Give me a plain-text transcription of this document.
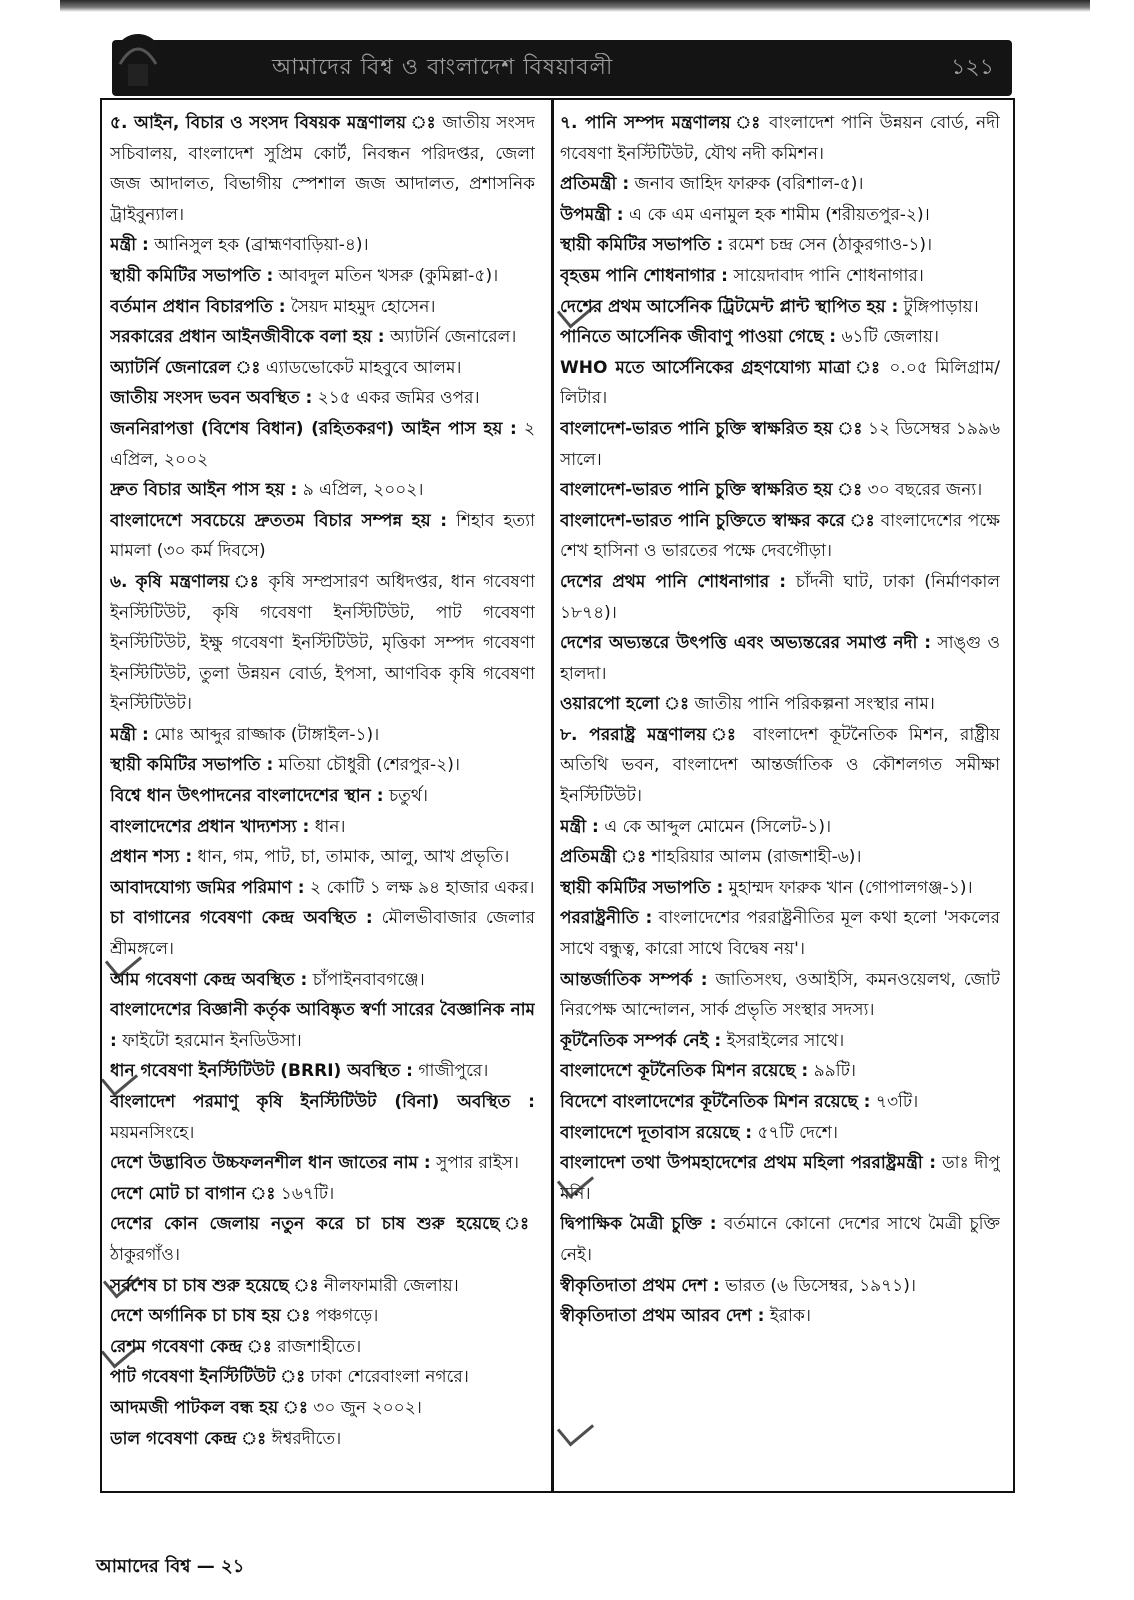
আমাদের বিশ্ব ও বাংলাদেশ বিষয়াবলী	১২১

৫. আইন, বিচার ও সংসদ বিষয়ক মন্ত্রণালয় ঃ জাতীয় সংসদ সচিবালয়, বাংলাদেশ সুপ্রিম কোর্ট, নিবন্ধন পরিদপ্তর, জেলা জজ আদালত, বিভাগীয় স্পেশাল জজ আদালত, প্রশাসনিক ট্রাইবুন্যাল।

মন্ত্রী : আনিসুল হক (ব্রাহ্মণবাড়িয়া-৪)।

স্থায়ী কমিটির সভাপতি : আবদুল মতিন খসরু (কুমিল্লা-৫)।

বর্তমান প্রধান বিচারপতি : সৈয়দ মাহমুদ হোসেন।

সরকারের প্রধান আইনজীবীকে বলা হয় : অ্যাটর্নি জেনারেল।

অ্যাটর্নি জেনারেল ঃ এ্যাডভোকেট মাহবুবে আলম।

জাতীয় সংসদ ভবন অবস্থিত : ২১৫ একর জমির ওপর।

জননিরাপত্তা (বিশেষ বিধান) (রহিতকরণ) আইন পাস হয় : ২ এপ্রিল, ২০০২

দ্রুত বিচার আইন পাস হয় : ৯ এপ্রিল, ২০০২।

বাংলাদেশে সবচেয়ে দ্রুততম বিচার সম্পন্ন হয় : শিহাব হত্যা মামলা (৩০ কর্ম দিবসে)

৬. কৃষি মন্ত্রণালয় ঃ কৃষি সম্প্রসারণ অধিদপ্তর, ধান গবেষণা ইনস্টিটিউট, কৃষি গবেষণা ইনস্টিটিউট, পাট গবেষণা ইনস্টিটিউট, ইক্ষু গবেষণা ইনস্টিটিউট, মৃত্তিকা সম্পদ গবেষণা ইনস্টিটিউট, তুলা উন্নয়ন বোর্ড, ইপসা, আণবিক কৃষি গবেষণা ইনস্টিটিউট।

মন্ত্রী : মোঃ আব্দুর রাজ্জাক (টাঙ্গাইল-১)।

স্থায়ী কমিটির সভাপতি : মতিয়া চৌধুরী (শেরপুর-২)।

বিশ্বে ধান উৎপাদনের বাংলাদেশের স্থান : চতুর্থ।

বাংলাদেশের প্রধান খাদ্যশস্য : ধান।

প্রধান শস্য : ধান, গম, পাট, চা, তামাক, আলু, আখ প্রভৃতি।

আবাদযোগ্য জমির পরিমাণ : ২ কোটি ১ লক্ষ ৯৪ হাজার একর।

চা বাগানের গবেষণা কেন্দ্র অবস্থিত : মৌলভীবাজার জেলার শ্রীমঙ্গলে।

আম গবেষণা কেন্দ্র অবস্থিত : চাঁপাইনবাবগঞ্জে।

বাংলাদেশের বিজ্ঞানী কর্তৃক আবিষ্কৃত স্বর্ণা সারের বৈজ্ঞানিক নাম : ফাইটো হরমোন ইনডিউসা।

ধান গবেষণা ইনস্টিটিউট (BRRI) অবস্থিত : গাজীপুরে।

বাংলাদেশ পরমাণু কৃষি ইনস্টিটিউট (বিনা) অবস্থিত : ময়মনসিংহে।

দেশে উদ্ভাবিত উচ্চফলনশীল ধান জাতের নাম : সুপার রাইস।

দেশে মোট চা বাগান ঃ ১৬৭টি।

দেশের কোন জেলায় নতুন করে চা চাষ শুরু হয়েছে ঃ ঠাকুরগাঁও।

সর্বশেষ চা চাষ শুরু হয়েছে ঃ নীলফামারী জেলায়।

দেশে অর্গানিক চা চাষ হয় ঃ পঞ্চগড়ে।

রেশম গবেষণা কেন্দ্র ঃ রাজশাহীতে।

পাট গবেষণা ইনস্টিটিউট ঃ ঢাকা শেরেবাংলা নগরে।

আদমজী পাটকল বন্ধ হয় ঃ ৩০ জুন ২০০২।

ডাল গবেষণা কেন্দ্র ঃ ঈশ্বরদীতে।

৭. পানি সম্পদ মন্ত্রণালয় ঃ বাংলাদেশ পানি উন্নয়ন বোর্ড, নদী গবেষণা ইনস্টিটিউট, যৌথ নদী কমিশন।

প্রতিমন্ত্রী : জনাব জাহিদ ফারুক (বরিশাল-৫)।

উপমন্ত্রী : এ কে এম এনামুল হক শামীম (শরীয়তপুর-২)।

স্থায়ী কমিটির সভাপতি : রমেশ চন্দ্র সেন (ঠাকুরগাও-১)।

বৃহত্তম পানি শোধনাগার : সায়েদাবাদ পানি শোধনাগার।

দেশের প্রথম আর্সেনিক ট্রিটমেন্ট প্লান্ট স্থাপিত হয় : টুঙ্গিপাড়ায়।

পানিতে আর্সেনিক জীবাণু পাওয়া গেছে : ৬১টি জেলায়।

WHO মতে আর্সেনিকের গ্রহণযোগ্য মাত্রা ঃ ০.০৫ মিলিগ্রাম/লিটার।

বাংলাদেশ-ভারত পানি চুক্তি স্বাক্ষরিত হয় ঃ ১২ ডিসেম্বর ১৯৯৬ সালে।

বাংলাদেশ-ভারত পানি চুক্তি স্বাক্ষরিত হয় ঃ ৩০ বছরের জন্য।

বাংলাদেশ-ভারত পানি চুক্তিতে স্বাক্ষর করে ঃ বাংলাদেশের পক্ষে শেখ হাসিনা ও ভারতের পক্ষে দেবগৌড়া।

দেশের প্রথম পানি শোধনাগার : চাঁদনী ঘাট, ঢাকা (নির্মাণকাল ১৮৭৪)।

দেশের অভ্যন্তরে উৎপত্তি এবং অভ্যন্তরের সমাপ্ত নদী : সাঙ্গু ও হালদা।

ওয়ারপো হলো ঃ জাতীয় পানি পরিকল্পনা সংস্থার নাম।

৮. পররাষ্ট্র মন্ত্রণালয় ঃ বাংলাদেশ কূটনৈতিক মিশন, রাষ্ট্রীয় অতিথি ভবন, বাংলাদেশ আন্তর্জাতিক ও কৌশলগত সমীক্ষা ইনস্টিটিউট।

মন্ত্রী : এ কে আব্দুল মোমেন (সিলেট-১)।

প্রতিমন্ত্রী ঃ শাহরিয়ার আলম (রাজশাহী-৬)।

স্থায়ী কমিটির সভাপতি : মুহাম্মদ ফারুক খান (গোপালগঞ্জ-১)।

পররাষ্ট্রনীতি : বাংলাদেশের পররাষ্ট্রনীতির মূল কথা হলো 'সকলের সাথে বন্ধুত্ব, কারো সাথে বিদ্বেষ নয়'।

আন্তর্জাতিক সম্পর্ক : জাতিসংঘ, ওআইসি, কমনওয়েলথ, জোট নিরপেক্ষ আন্দোলন, সার্ক প্রভৃতি সংস্থার সদস্য।

কূটনৈতিক সম্পর্ক নেই : ইসরাইলের সাথে।

বাংলাদেশে কূটনৈতিক মিশন রয়েছে : ৯৯টি।

বিদেশে বাংলাদেশের কূটনৈতিক মিশন রয়েছে : ৭৩টি।

বাংলাদেশে দূতাবাস রয়েছে : ৫৭টি দেশে।

বাংলাদেশ তথা উপমহাদেশের প্রথম মহিলা পররাষ্ট্রমন্ত্রী : ডাঃ দীপু মনি।

দ্বিপাক্ষিক মৈত্রী চুক্তি : বর্তমানে কোনো দেশের সাথে মৈত্রী চুক্তি নেই।

স্বীকৃতিদাতা প্রথম দেশ : ভারত (৬ ডিসেম্বর, ১৯৭১)।

স্বীকৃতিদাতা প্রথম আরব দেশ : ইরাক।

আমাদের বিশ্ব — ২১
